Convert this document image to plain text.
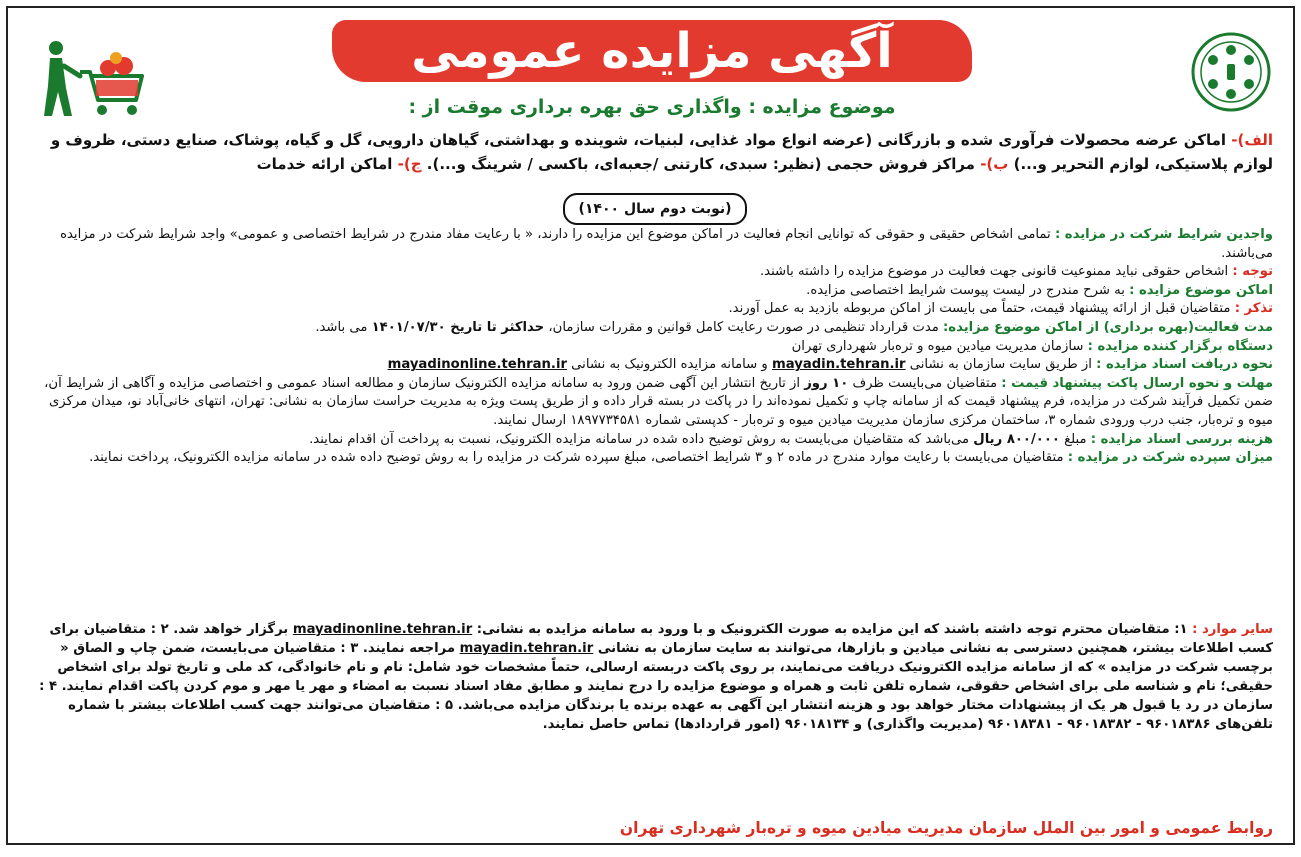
آگهی مزایده عمومی
موضوع مزایده : واگذاری حق بهره برداری موقت از :
الف)- اماکن عرضه محصولات فرآوری شده و بازرگانی (عرضه انواع مواد غذایی، لبنیات، شوینده و بهداشتی، گیاهان دارویی، گل و گیاه، پوشاک، صنایع دستی، ظروف و لوازم پلاستیکی، لوازم التحریر و...) ب)- مراکز فروش حجمی (نظیر: سبدی، کارتنی /جعبه‌ای، باکسی / شرینگ و...). ج)- اماکن ارائه خدمات
(نوبت دوم سال ۱۴۰۰)

واجدین شرایط شرکت در مزایده : تمامی اشخاص حقیقی و حقوقی که توانایی انجام فعالیت در اماکن موضوع این مزایده را دارند، « با رعایت مفاد مندرج در شرایط اختصاصی و عمومی» واجد شرایط شرکت در مزایده می‌باشند.

توجه : اشخاص حقوقی نباید ممنوعیت قانونی جهت فعالیت در موضوع مزایده را داشته باشند.

اماکن موضوع مزایده : به شرح مندرج در لیست پیوست شرایط اختصاصی مزایده.

تذکر : متقاضیان قبل از ارائه پیشنهاد قیمت، حتماً می بایست از اماکن مربوطه بازدید به عمل آورند.

مدت فعالیت(بهره برداری) از اماکن موضوع مزایده: مدت قرارداد تنظیمی در صورت رعایت کامل قوانین و مقررات سازمان، حداکثر تا تاریخ ۱۴۰۱/۰۷/۳۰ می باشد.

دستگاه برگزار کننده مزایده : سازمان مدیریت میادین میوه و تره‌بار شهرداری تهران

نحوه دریافت اسناد مزایده : از طریق سایت سازمان به نشانی mayadin.tehran.ir و سامانه مزایده الکترونیک به نشانی mayadinonline.tehran.ir

مهلت و نحوه ارسال پاکت پیشنهاد قیمت : متقاضیان می‌بایست ظرف ۱۰ روز از تاریخ انتشار این آگهی ضمن ورود به سامانه مزایده الکترونیک سازمان و مطالعه اسناد عمومی و اختصاصی مزایده و آگاهی از شرایط آن، ضمن تکمیل فرآیند شرکت در مزایده، فرم پیشنهاد قیمت که از سامانه چاپ و تکمیل نموده‌اند را در پاکت در بسته قرار داده و از طریق پست ویژه به مدیریت حراست سازمان به نشانی: تهران، انتهای خانی‌آباد نو، میدان مرکزی میوه و تره‌بار، جنب درب ورودی شماره ۳، ساختمان مرکزی سازمان مدیریت میادین میوه و تره‌بار - کدپستی شماره ۱۸۹۷۷۳۴۵۸۱ ارسال نمایند.

هزینه بررسی اسناد مزایده : مبلغ ۸۰۰/۰۰۰ ریال می‌باشد که متقاضیان می‌بایست به روش توضیح داده شده در سامانه مزایده الکترونیک، نسبت به پرداخت آن اقدام نمایند.

میزان سپرده شرکت در مزایده : متقاضیان می‌بایست با رعایت موارد مندرج در ماده ۲ و ۳ شرایط اختصاصی، مبلغ سپرده شرکت در مزایده را به روش توضیح داده شده در سامانه مزایده الکترونیک، پرداخت نمایند.

سایر موارد : ۱: متقاضیان محترم توجه داشته باشند که این مزایده به صورت الکترونیک و با ورود به سامانه مزایده به نشانی: mayadinonline.tehran.ir برگزار خواهد شد. ۲ : متقاضیان برای کسب اطلاعات بیشتر، همچنین دسترسی به نشانی میادین و بازارها، می‌توانند به سایت سازمان به نشانی mayadin.tehran.ir مراجعه نمایند. ۳ : متقاضیان می‌بایست، ضمن چاپ و الصاق « برچسب شرکت در مزایده » که از سامانه مزایده الکترونیک دریافت می‌نمایند، بر روی پاکت دربسته ارسالی، حتماً مشخصات خود شامل: نام و نام خانوادگی، کد ملی و تاریخ تولد برای اشخاص حقیقی؛ نام و شناسه ملی برای اشخاص حقوقی، شماره تلفن ثابت و همراه و موضوع مزایده را درج نمایند و مطابق مفاد اسناد نسبت به امضاء و مهر یا مهر و موم کردن پاکت اقدام نمایند. ۴ : سازمان در رد یا قبول هر یک از پیشنهادات مختار خواهد بود و هزینه انتشار این آگهی به عهده برنده یا برندگان مزایده می‌باشد. ۵ : متقاضیان می‌توانند جهت کسب اطلاعات بیشتر با شماره تلفن‌های ۹۶۰۱۸۳۸۶ - ۹۶۰۱۸۳۸۲ - ۹۶۰۱۸۳۸۱ (مدیریت واگذاری) و ۹۶۰۱۸۱۳۴ (امور قراردادها) تماس حاصل نمایند.
روابط عمومی و امور بین الملل سازمان مدیریت میادین میوه و تره‌بار شهرداری تهران
